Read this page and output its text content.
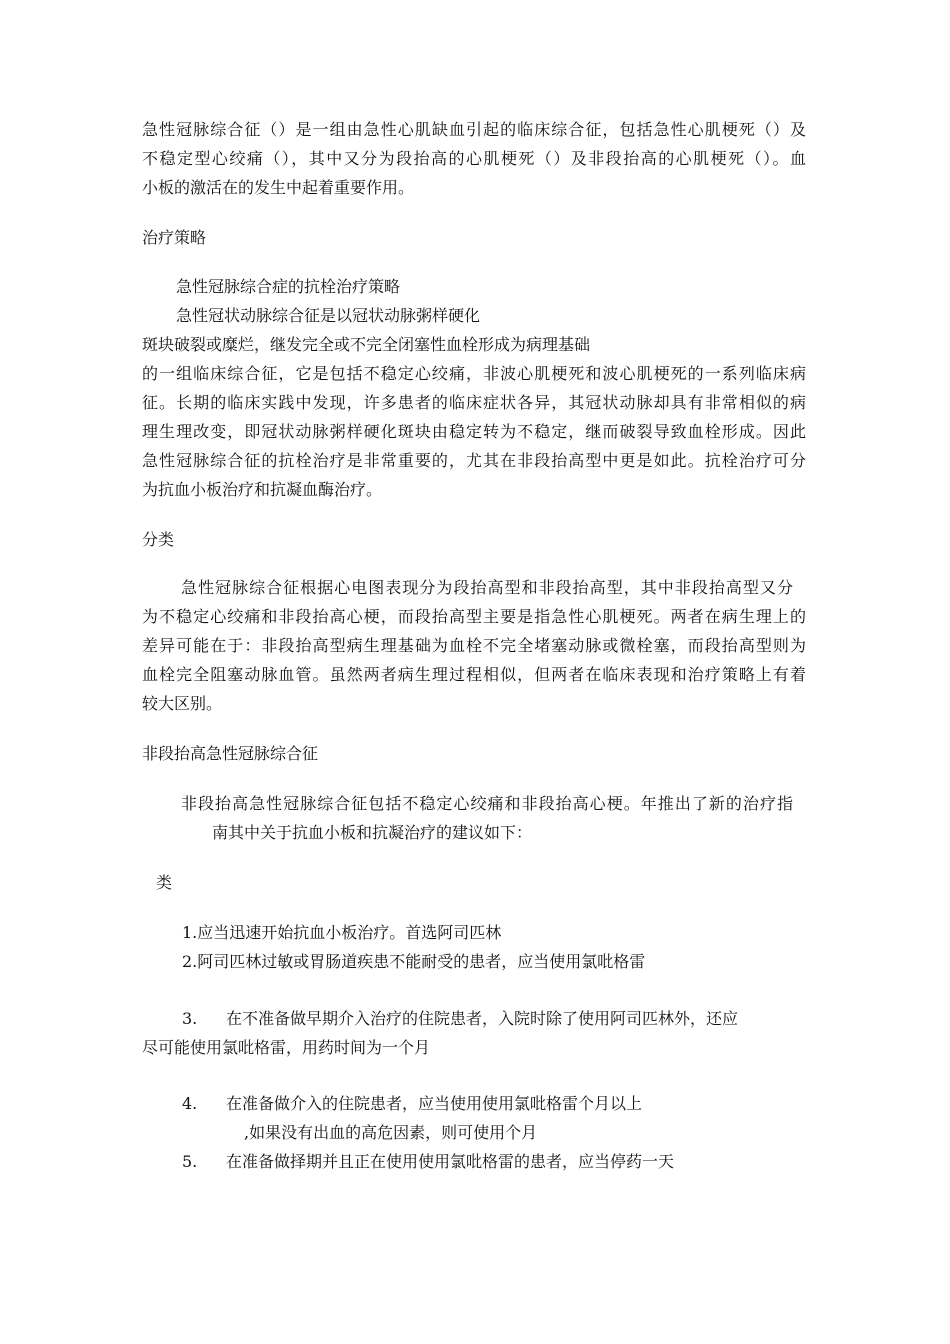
急性冠脉综合征（）是一组由急性心肌缺血引起的临床综合征，包括急性心肌梗死（）及
不稳定型心绞痛（），其中又分为段抬高的心肌梗死（）及非段抬高的心肌梗死（）。血
小板的激活在的发生中起着重要作用。
治疗策略
急性冠脉综合症的抗栓治疗策略
急性冠状动脉综合征是以冠状动脉粥样硬化
斑块破裂或糜烂，继发完全或不完全闭塞性血栓形成为病理基础
的一组临床综合征，它是包括不稳定心绞痛，非波心肌梗死和波心肌梗死的一系列临床病
征。长期的临床实践中发现，许多患者的临床症状各异，其冠状动脉却具有非常相似的病
理生理改变，即冠状动脉粥样硬化斑块由稳定转为不稳定，继而破裂导致血栓形成。因此
急性冠脉综合征的抗栓治疗是非常重要的，尤其在非段抬高型中更是如此。抗栓治疗可分
为抗血小板治疗和抗凝血酶治疗。
分类
急性冠脉综合征根据心电图表现分为段抬高型和非段抬高型，其中非段抬高型又分
为不稳定心绞痛和非段抬高心梗，而段抬高型主要是指急性心肌梗死。两者在病生理上的
差异可能在于：非段抬高型病生理基础为血栓不完全堵塞动脉或微栓塞，而段抬高型则为
血栓完全阻塞动脉血管。虽然两者病生理过程相似，但两者在临床表现和治疗策略上有着
较大区别。
非段抬高急性冠脉综合征
非段抬高急性冠脉综合征包括不稳定心绞痛和非段抬高心梗。年推出了新的治疗指
南其中关于抗血小板和抗凝治疗的建议如下：
类
1.应当迅速开始抗血小板治疗。首选阿司匹林
2.阿司匹林过敏或胃肠道疾患不能耐受的患者，应当使用氯吡格雷
3. 在不准备做早期介入治疗的住院患者，入院时除了使用阿司匹林外，还应
尽可能使用氯吡格雷，用药时间为一个月
4. 在准备做介入的住院患者，应当使用使用氯吡格雷个月以上
,如果没有出血的高危因素，则可使用个月
5. 在准备做择期并且正在使用使用氯吡格雷的患者，应当停药一天
